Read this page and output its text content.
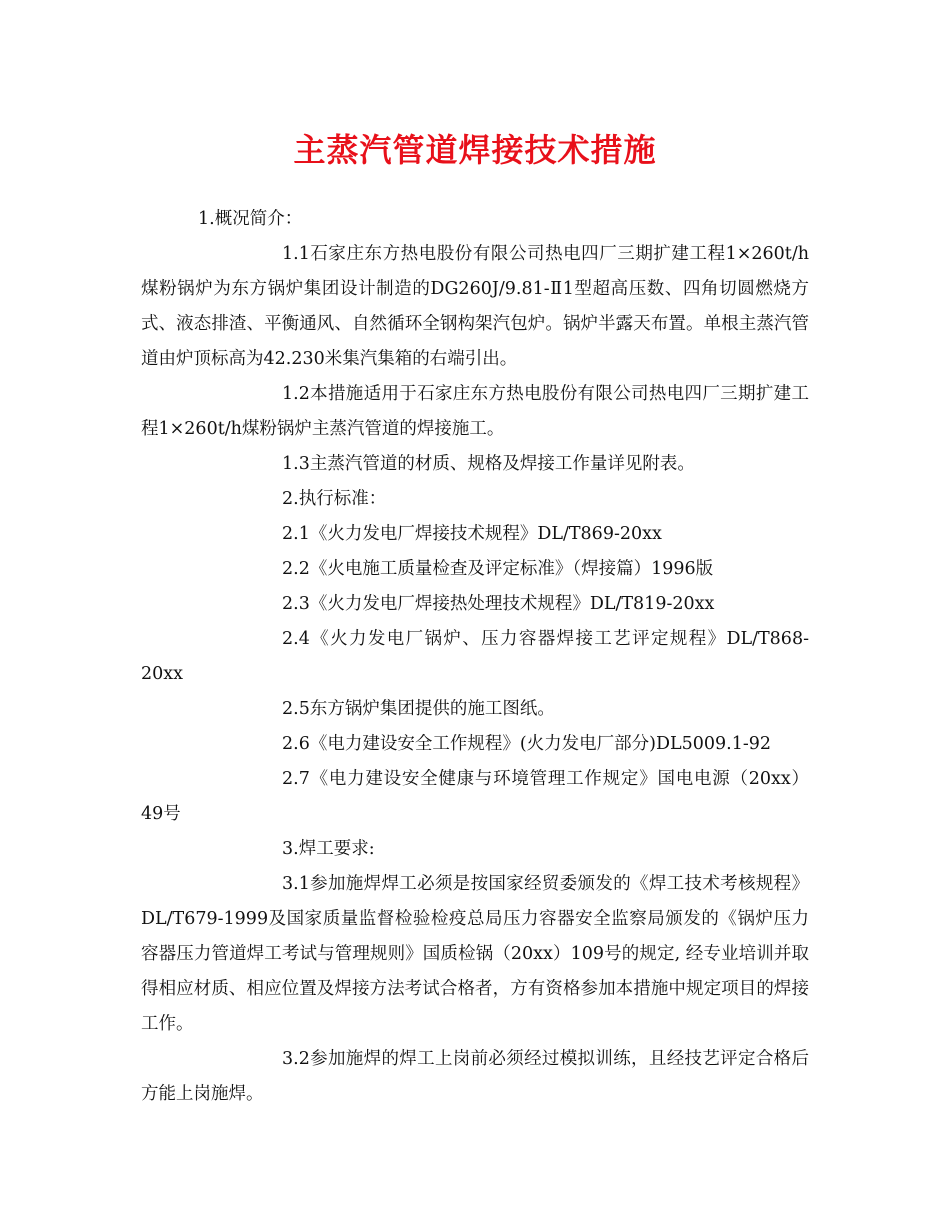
主蒸汽管道焊接技术措施

1.概况简介：

1.1石家庄东方热电股份有限公司热电四厂三期扩建工程1×260t/h煤粉锅炉为东方锅炉集团设计制造的DG260J/9.81-Ⅱ1型超高压数、四角切圆燃烧方式、液态排渣、平衡通风、自然循环全钢构架汽包炉。锅炉半露天布置。单根主蒸汽管道由炉顶标高为42.230米集汽集箱的右端引出。

1.2本措施适用于石家庄东方热电股份有限公司热电四厂三期扩建工程1×260t/h煤粉锅炉主蒸汽管道的焊接施工。

1.3主蒸汽管道的材质、规格及焊接工作量详见附表。

2.执行标准：

2.1《火力发电厂焊接技术规程》DL/T869-20xx

2.2《火电施工质量检查及评定标准》（焊接篇）1996版

2.3《火力发电厂焊接热处理技术规程》DL/T819-20xx

2.4《火力发电厂锅炉、压力容器焊接工艺评定规程》DL/T868-20xx

2.5东方锅炉集团提供的施工图纸。

2.6《电力建设安全工作规程》(火力发电厂部分)DL5009.1-92

2.7《电力建设安全健康与环境管理工作规定》国电电源（20xx）49号

3.焊工要求:

3.1参加施焊焊工必须是按国家经贸委颁发的《焊工技术考核规程》DL/T679-1999及国家质量监督检验检疫总局压力容器安全监察局颁发的《锅炉压力容器压力管道焊工考试与管理规则》国质检锅（20xx）109号的规定, 经专业培训并取得相应材质、相应位置及焊接方法考试合格者，方有资格参加本措施中规定项目的焊接工作。

3.2参加施焊的焊工上岗前必须经过模拟训练，且经技艺评定合格后方能上岗施焊。
